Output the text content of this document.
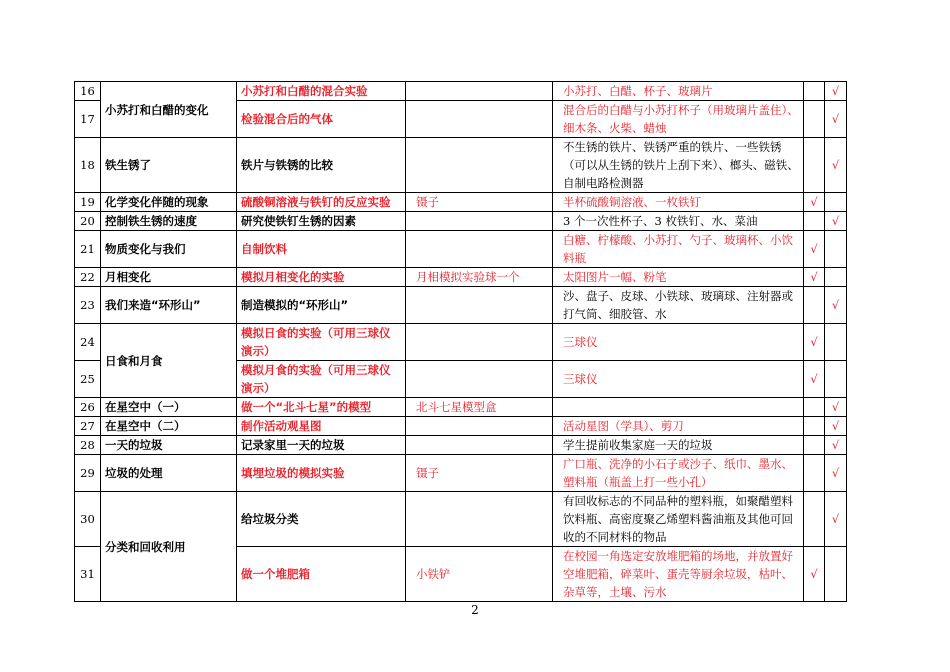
16	小苏打和白醋的变化	小苏打和白醋的混合实验		小苏打、白醋、杯子、玻璃片		√
17		检验混合后的气体		混合后的白醋与小苏打杯子（用玻璃片盖住）、细木条、火柴、蜡烛		√
18	铁生锈了	铁片与铁锈的比较		不生锈的铁片、铁锈严重的铁片、一些铁锈（可以从生锈的铁片上刮下来）、榔头、磁铁、自制电路检测器		√
19	化学变化伴随的现象	硫酸铜溶液与铁钉的反应实验	镊子	半杯硫酸铜溶液、一枚铁钉	√	
20	控制铁生锈的速度	研究使铁钉生锈的因素		3 个一次性杯子、3 枚铁钉、水、菜油		√
21	物质变化与我们	自制饮料		白糖、柠檬酸、小苏打、勺子、玻璃杯、小饮料瓶	√	
22	月相变化	模拟月相变化的实验	月相模拟实验球一个	太阳图片一幅、粉笔	√	
23	我们来造“环形山”	制造模拟的“环形山”		沙、盘子、皮球、小铁球、玻璃球、注射器或打气筒、细胶管、水		√
24	日食和月食	模拟日食的实验（可用三球仪演示）		三球仪	√	
25		模拟月食的实验（可用三球仪演示）		三球仪	√	
26	在星空中（一）	做一个“北斗七星”的模型	北斗七星模型盒			√
27	在星空中（二）	制作活动观星图		活动星图（学具）、剪刀		√
28	一天的垃圾	记录家里一天的垃圾		学生提前收集家庭一天的垃圾		√
29	垃圾的处理	填埋垃圾的模拟实验	镊子	广口瓶、洗净的小石子或沙子、纸巾、墨水、塑料瓶（瓶盖上打一些小孔）		√
30	分类和回收利用	给垃圾分类		有回收标志的不同品种的塑料瓶，如聚醋塑料饮料瓶、高密度聚乙烯塑料酱油瓶及其他可回收的不同材料的物品		√
31		做一个堆肥箱	小铁铲	在校园一角选定安放堆肥箱的场地，并放置好空堆肥箱，碎菜叶、蛋壳等厨余垃圾，枯叶、杂草等，土壤、污水	√	
2
